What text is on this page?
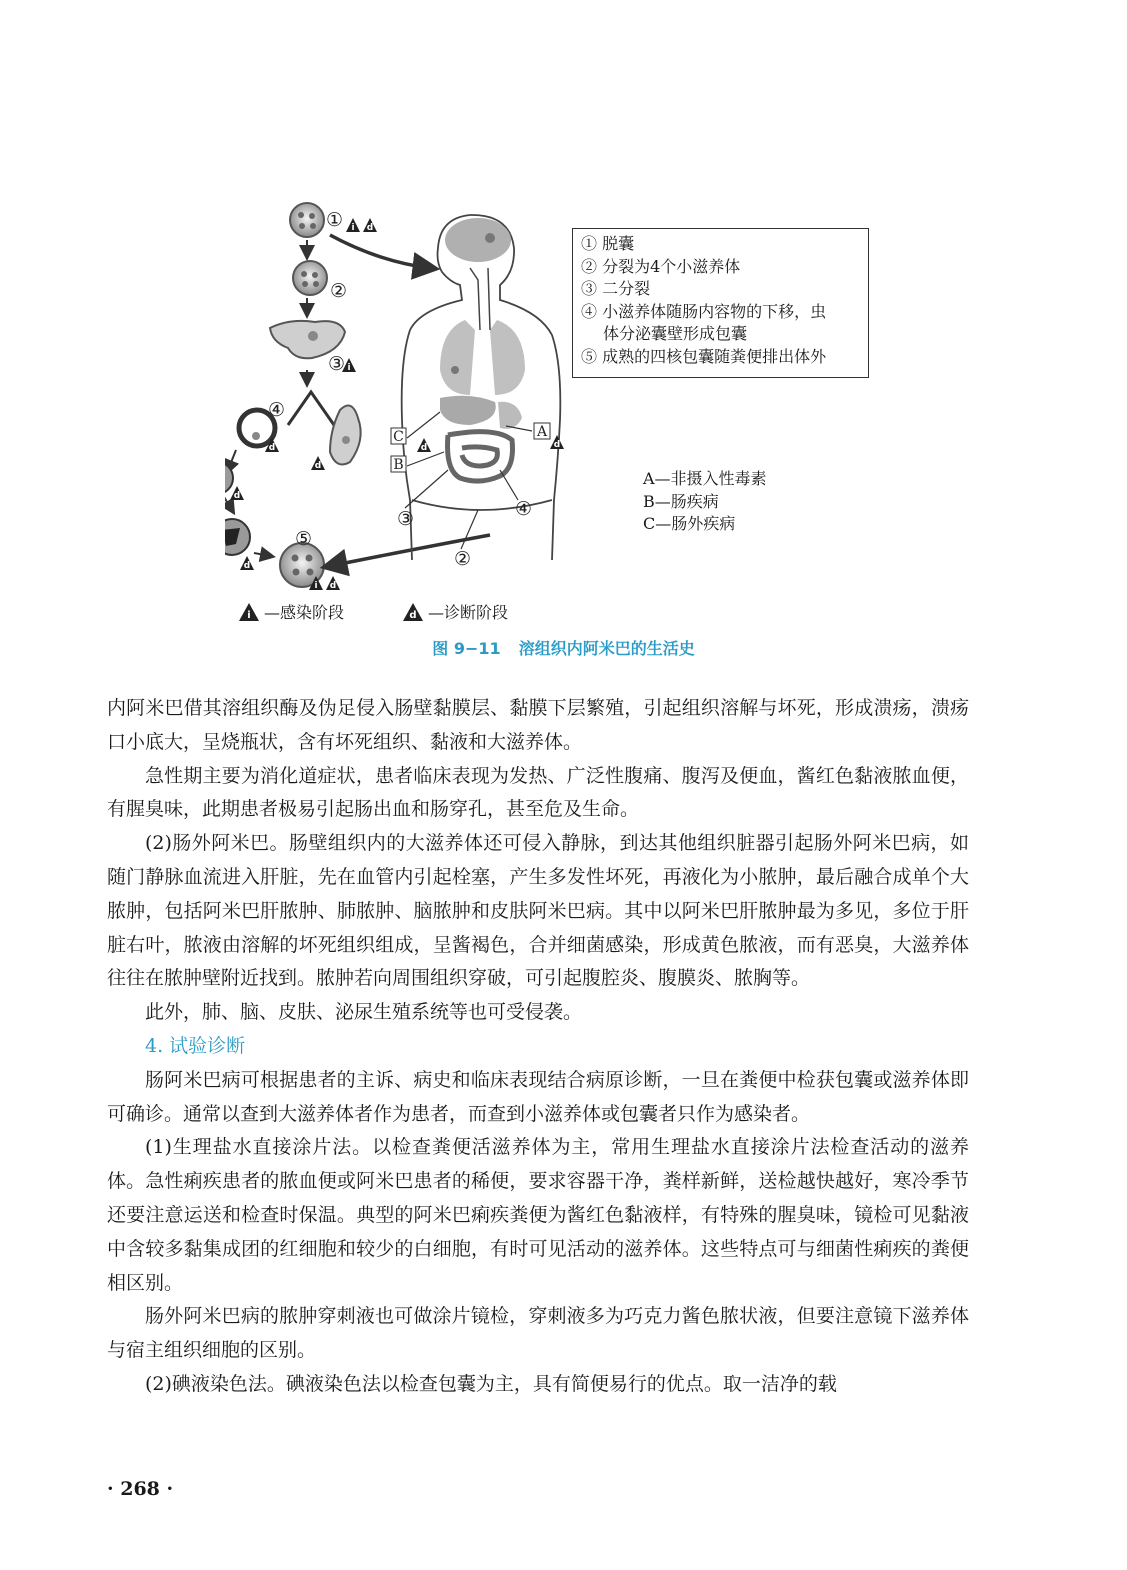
C
B
A
①
②
③
④
⑤
③	④
②
i d
i
d
d
d
d
i d
d
d
① 脱囊
② 分裂为4个小滋养体
③ 二分裂
④ 小滋养体随肠内容物的下移，虫
体分泌囊壁形成包囊
⑤ 成熟的四核包囊随粪便排出体外
A—非摄入性毒素
B—肠疾病
C—肠外疾病
i —感染阶段	d —诊断阶段
图 9−11 溶组织内阿米巴的生活史

内阿米巴借其溶组织酶及伪足侵入肠壁黏膜层、黏膜下层繁殖，引起组织溶解与坏死，形成溃疡，溃疡口小底大，呈烧瓶状，含有坏死组织、黏液和大滋养体。

急性期主要为消化道症状，患者临床表现为发热、广泛性腹痛、腹泻及便血，酱红色黏液脓血便，有腥臭味，此期患者极易引起肠出血和肠穿孔，甚至危及生命。

(2)肠外阿米巴。肠壁组织内的大滋养体还可侵入静脉，到达其他组织脏器引起肠外阿米巴病，如随门静脉血流进入肝脏，先在血管内引起栓塞，产生多发性坏死，再液化为小脓肿，最后融合成单个大脓肿，包括阿米巴肝脓肿、肺脓肿、脑脓肿和皮肤阿米巴病。其中以阿米巴肝脓肿最为多见，多位于肝脏右叶，脓液由溶解的坏死组织组成，呈酱褐色，合并细菌感染，形成黄色脓液，而有恶臭，大滋养体往往在脓肿壁附近找到。脓肿若向周围组织穿破，可引起腹腔炎、腹膜炎、脓胸等。

此外，肺、脑、皮肤、泌尿生殖系统等也可受侵袭。

4. 试验诊断

肠阿米巴病可根据患者的主诉、病史和临床表现结合病原诊断，一旦在粪便中检获包囊或滋养体即可确诊。通常以查到大滋养体者作为患者，而查到小滋养体或包囊者只作为感染者。

(1)生理盐水直接涂片法。以检查粪便活滋养体为主，常用生理盐水直接涂片法检查活动的滋养体。急性痢疾患者的脓血便或阿米巴患者的稀便，要求容器干净，粪样新鲜，送检越快越好，寒冷季节还要注意运送和检查时保温。典型的阿米巴痢疾粪便为酱红色黏液样，有特殊的腥臭味，镜检可见黏液中含较多黏集成团的红细胞和较少的白细胞，有时可见活动的滋养体。这些特点可与细菌性痢疾的粪便相区别。

肠外阿米巴病的脓肿穿刺液也可做涂片镜检，穿刺液多为巧克力酱色脓状液，但要注意镜下滋养体与宿主组织细胞的区别。

(2)碘液染色法。碘液染色法以检查包囊为主，具有简便易行的优点。取一洁净的载

· 268 ·
